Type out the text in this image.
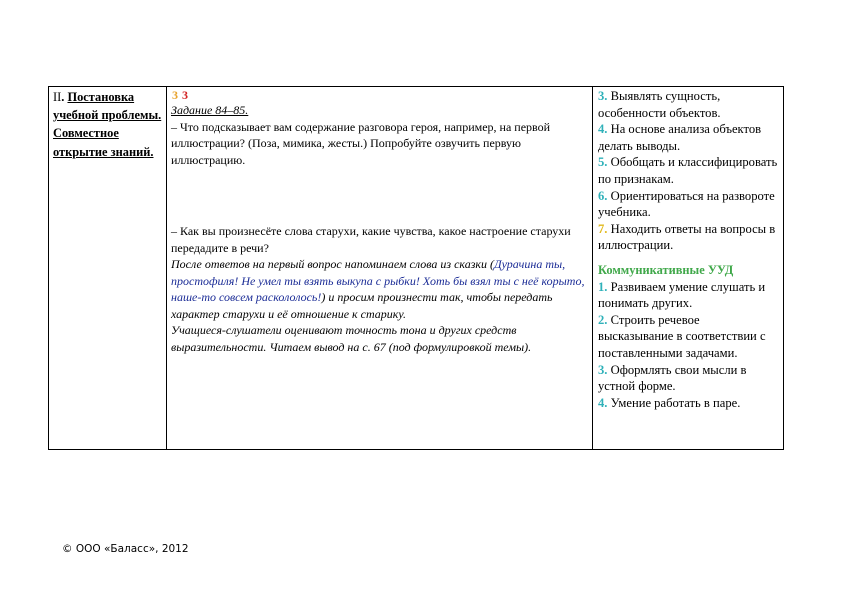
II. Постановка учебной проблемы. Совместное открытие знаний.
3 3

Задание 84–85.

– Что подсказывает вам содержание разговора героя, например, на первой иллюстрации? (Поза, мимика, жесты.) Попробуйте озвучить первую иллюстрацию.

– Как вы произнесёте слова старухи, какие чувства, какое настроение старухи передадите в речи?

После ответов на первый вопрос напоминаем слова из сказки (Дурачина ты, простофиля! Не умел ты взять выкупа с рыбки! Хоть бы взял ты с неё корыто, наше-то совсем раскололось!) и просим произнести так, чтобы передать характер старухи и её отношение к старику.

Учащиеся-слушатели оценивают точность тона и других средств выразительности. Читаем вывод на с. 67 (под формулировкой темы).

3. Выявлять сущность, особенности объектов.

4. На основе анализа объектов делать выводы.

5. Обобщать и классифицировать по признакам.

6. Ориентироваться на развороте учебника.

7. Находить ответы на вопросы в иллюстрации.

Коммуникативные УУД

1. Развиваем умение слушать и понимать других.

2. Строить речевое высказывание в соответствии с поставленными задачами.

3. Оформлять свои мысли в устной форме.

4. Умение работать в паре.

© ООО «Баласс», 2012
